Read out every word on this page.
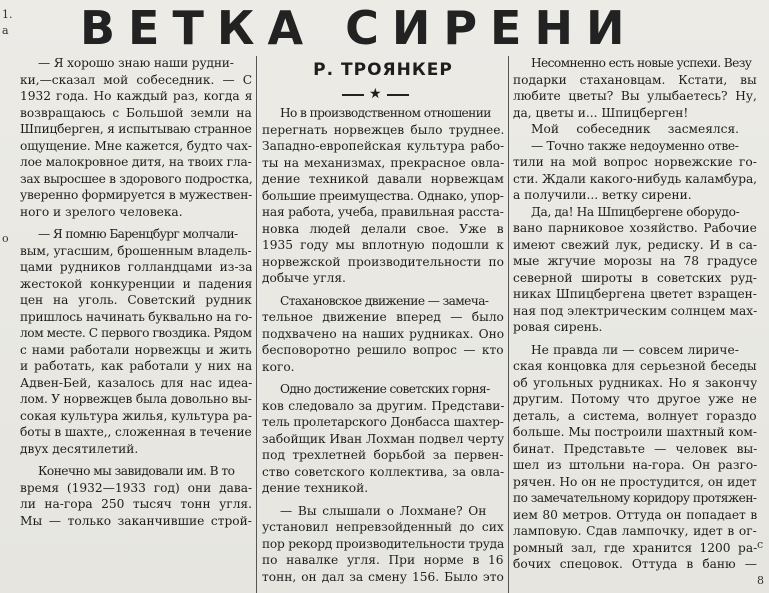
1.
а
о
ВЕТКА СИРЕНИ
— Я хорошо знаю наши рудни-
ки,—сказал мой собеседник. — С
1932 года. Но каждый раз, когда я
возвращаюсь с Большой земли на
Шпицберген, я испытываю странное
ощущение. Мне кажется, будто чах-
лое малокровное дитя, на твоих гла-
зах выросшее в здорового подростка,
уверенно формируется в мужествен-
ного и зрелого человека.
— Я помню Баренцбург молчали-
вым, угасшим, брошенным владель-
цами рудников голландцами из-за
жестокой конкуренции и падения
цен на уголь. Советский рудник
пришлось начинать буквально на го-
лом месте. С первого гвоздика. Рядом
с нами работали норвежцы и жить
и работать, как работали у них на
Адвен-Бей, казалось для нас идеа-
лом. У норвежцев была довольно вы-
сокая культура жилья, культура ра-
боты в шахте,, сложенная в течение
двух десятилетий.
Конечно мы завидовали им. В то
время (1932—1933 год) они дава-
ли на-гора 250 тысяч тонн угля.
Мы — только заканчившие строй-
Р. ТРОЯНКЕР
★
Но в производственном отношении
перегнать норвежцев было труднее.
Западно-европейская культура рабо-
ты на механизмах, прекрасное овла-
дение техникой давали норвежцам
большие преимущества. Однако, упор-
ная работа, учеба, правильная расста-
новка людей делали свое. Уже в
1935 году мы вплотную подошли к
норвежской производительности по
добыче угля.
Стахановское движение — замеча-
тельное движение вперед — было
подхвачено на наших рудниках. Оно
бесповоротно решило вопрос — кто
кого.
Одно достижение советских горня-
ков следовало за другим. Представи-
тель пролетарского Донбасса шахтер-
забойщик Иван Лохман подвел черту
под трехлетней борьбой за первен-
ство советского коллектива, за овла-
дение техникой.
— Вы слышали о Лохмане? Он
установил непревзойденный до сих
пор рекорд производительности труда
по навалке угля. При норме в 16
тонн, он дал за смену 156. Было это
Несомненно есть новые успехи. Везу
подарки стахановцам. Кстати, вы
любите цветы? Вы улыбаетесь? Ну,
да, цветы и... Шпицберген!
Мой собеседник засмеялся.
— Точно также недоуменно отве-
тили на мой вопрос норвежские го-
сти. Ждали какого-нибудь каламбура,
а получили... ветку сирени.
Да, да! На Шпицбергене оборудо-
вано парниковое хозяйство. Рабочие
имеют свежий лук, редиску. И в са-
мые жгучие морозы на 78 градусе
северной широты в советских руд-
никах Шпицбергена цветет взращен-
ная под электрическим солнцем мах-
ровая сирень.
Не правда ли — совсем лириче-
ская концовка для серьезной беседы
об угольных рудниках. Но я закончу
другим. Потому что другое уже не
деталь, а система, волнует гораздо
больше. Мы построили шахтный ком-
бинат. Представьте — человек вы-
шел из штольни на-гора. Он разго-
рячен. Но он не простудится, он идет
по замечательному коридору протяжен-
ием 80 метров. Оттуда он попадает в
ламповую. Сдав лампочку, идет в ог-
ромный зал, где хранится 1200 ра-
бочих спецовок. Оттуда в баню —
с
8
